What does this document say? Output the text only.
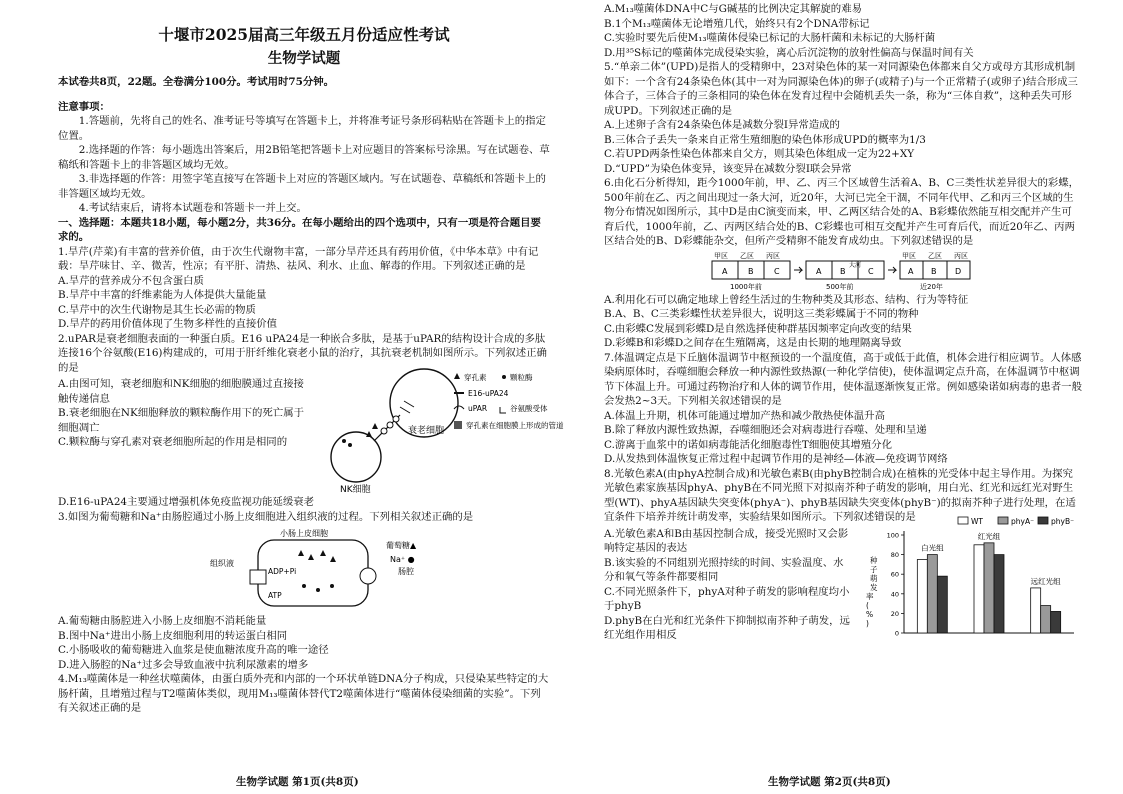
十堰市2025届高三年级五月份适应性考试

生物学试题

本试卷共8页，22题。全卷满分100分。考试用时75分钟。

注意事项：

1.答题前，先将自己的姓名、准考证号等填写在答题卡上，并将准考证号条形码粘贴在答题卡上的指定位置。

2.选择题的作答：每小题选出答案后，用2B铅笔把答题卡上对应题目的答案标号涂黑。写在试题卷、草稿纸和答题卡上的非答题区域均无效。

3.非选择题的作答：用签字笔直接写在答题卡上对应的答题区域内。写在试题卷、草稿纸和答题卡上的非答题区域均无效。

4.考试结束后，请将本试题卷和答题卡一并上交。

一、选择题：本题共18小题，每小题2分，共36分。在每小题给出的四个选项中，只有一项是符合题目要求的。

1.旱芹(芹菜)有丰富的营养价值，由于次生代谢物丰富，一部分旱芹还具有药用价值，《中华本草》中有记载：旱芹味甘、辛、微苦，性凉；有平肝、清热、祛风、利水、止血、解毒的作用。下列叙述正确的是

A.旱芹的营养成分不包含蛋白质

B.旱芹中丰富的纤维素能为人体提供大量能量

C.旱芹中的次生代谢物是其生长必需的物质

D.旱芹的药用价值体现了生物多样性的直接价值

2.uPAR是衰老细胞表面的一种蛋白质。E16 uPA24是一种嵌合多肽，是基于uPAR的结构设计合成的多肽连接16个谷氨酸(E16)构建成的，可用于肝纤维化衰老小鼠的治疗，其抗衰老机制如图所示。下列叙述正确的是

A.由图可知，衰老细胞和NK细胞的细胞膜通过直接接触传递信息

B.衰老细胞在NK细胞释放的颗粒酶作用下的死亡属于细胞凋亡

C.颗粒酶与穿孔素对衰老细胞所起的作用是相同的

衰老细胞
NK细胞
穿孔素	颗粒酶
E16-uPA24
uPAR	谷氨酸受体
穿孔素在细胞膜上形成的管道

D.E16-uPA24主要通过增强机体免疫监视功能延缓衰老

3.如图为葡萄糖和Na⁺由肠腔通过小肠上皮细胞进入组织液的过程。下列相关叙述正确的是

小肠上皮细胞
组织液
肠腔
葡萄糖▲
Na⁺ ●
ADP+Pi
ATP

A.葡萄糖由肠腔进入小肠上皮细胞不消耗能量

B.图中Na⁺进出小肠上皮细胞利用的转运蛋白相同

C.小肠吸收的葡萄糖进入血浆是使血糖浓度升高的唯一途径

D.进入肠腔的Na⁺过多会导致血液中抗利尿激素的增多

4.M₁₃噬菌体是一种丝状噬菌体，由蛋白质外壳和内部的一个环状单链DNA分子构成，只侵染某些特定的大肠杆菌，且增殖过程与T2噬菌体类似，现用M₁₃噬菌体替代T2噬菌体进行“噬菌体侵染细菌的实验”。下列有关叙述正确的是

A.M₁₃噬菌体DNA中C与G碱基的比例决定其解旋的难易

B.1个M₁₃噬菌体无论增殖几代，始终只有2个DNA带标记

C.实验时要先后使M₁₃噬菌体侵染已标记的大肠杆菌和未标记的大肠杆菌

D.用³⁵S标记的噬菌体完成侵染实验，离心后沉淀物的放射性偏高与保温时间有关

5.“单亲二体”(UPD)是指人的受精卵中，23对染色体的某一对同源染色体都来自父方或母方其形成机制如下：一个含有24条染色体(其中一对为同源染色体)的卵子(或精子)与一个正常精子(或卵子)结合形成三体合子，三体合子的三条相同的染色体在发育过程中会随机丢失一条，称为“三体自救”，这种丢失可形成UPD。下列叙述正确的是

A.上述卵子含有24条染色体是减数分裂Ⅰ异常造成的

B.三体合子丢失一条来自正常生殖细胞的染色体形成UPD的概率为1/3

C.若UPD两条性染色体都来自父方，则其染色体组成一定为22+XY

D.“UPD”为染色体变异，该变异在减数分裂Ⅰ联会异常

6.由化石分析得知，距今1000年前，甲、乙、丙三个区域曾生活着A、B、C三类性状差异很大的彩蝶，500年前在乙、丙之间出现过一条大河，近20年，大河已完全干涸，不同年代甲、乙和丙三个区域的生物分布情况如图所示，其中D是由C演变而来，甲、乙两区结合处的A、B彩蝶依然能互相交配并产生可育后代，1000年前，乙、丙两区结合处的B、C彩蝶也可相互交配并产生可育后代，而近20年乙、丙两区结合处的B、D彩蝶能杂交，但所产受精卵不能发育成幼虫。下列叙述错误的是

甲区 乙区 丙区
A	B	C
1000年前
A B	C
大河
500年前
甲区 乙区 丙区
A B D
近20年

A.利用化石可以确定地球上曾经生活过的生物种类及其形态、结构、行为等特征

B.A、B、C三类彩蝶性状差异很大，说明这三类彩蝶属于不同的物种

C.由彩蝶C发展到彩蝶D是自然选择使种群基因频率定向改变的结果

D.彩蝶B和彩蝶D之间存在生殖隔离，这是由长期的地理隔离导致

7.体温调定点是下丘脑体温调节中枢预设的一个温度值，高于或低于此值，机体会进行相应调节。人体感染病原体时，吞噬细胞会释放一种内源性致热源(一种化学信使)，使体温调定点升高，在体温调节中枢调节下体温上升。可通过药物治疗和人体的调节作用，使体温逐渐恢复正常。例如感染诺如病毒的患者一般会发热2~3天。下列相关叙述错误的是

A.体温上升期，机体可能通过增加产热和减少散热使体温升高

B.除了释放内源性致热源，吞噬细胞还会对病毒进行吞噬、处理和呈递

C.游离于血浆中的诺如病毒能活化细胞毒性T细胞使其增殖分化

D.从发热到体温恢复正常过程中起调节作用的是神经—体液—免疫调节网络

8.光敏色素A(由phyA控制合成)和光敏色素B(由phyB控制合成)在植株的光受体中起主导作用。为探究光敏色素家族基因phyA、phyB在不同光照下对拟南芥种子萌发的影响，用白光、红光和远红光对野生型(WT)、phyA基因缺失突变体(phyA⁻)、phyB基因缺失突变体(phyB⁻)的拟南芥种子进行处理，在适宜条件下培养并统计萌发率，实验结果如图所示。下列叙述错误的是

A.光敏色素A和B由基因控制合成，接受光照时又会影响特定基因的表达

B.该实验的不同组别光照持续的时间、实验温度、水分和氧气等条件都要相同

C.不同光照条件下，phyA对种子萌发的影响程度均小于phyB

D.phyB在白光和红光条件下抑制拟南芥种子萌发，远红光组作用相反

WT	phyA⁻ phyB⁻
0
20
40
60
80
100
种子萌发率( % )
白光组
红光组
远红光组

生物学试题 第1页(共8页)	生物学试题 第2页(共8页)
